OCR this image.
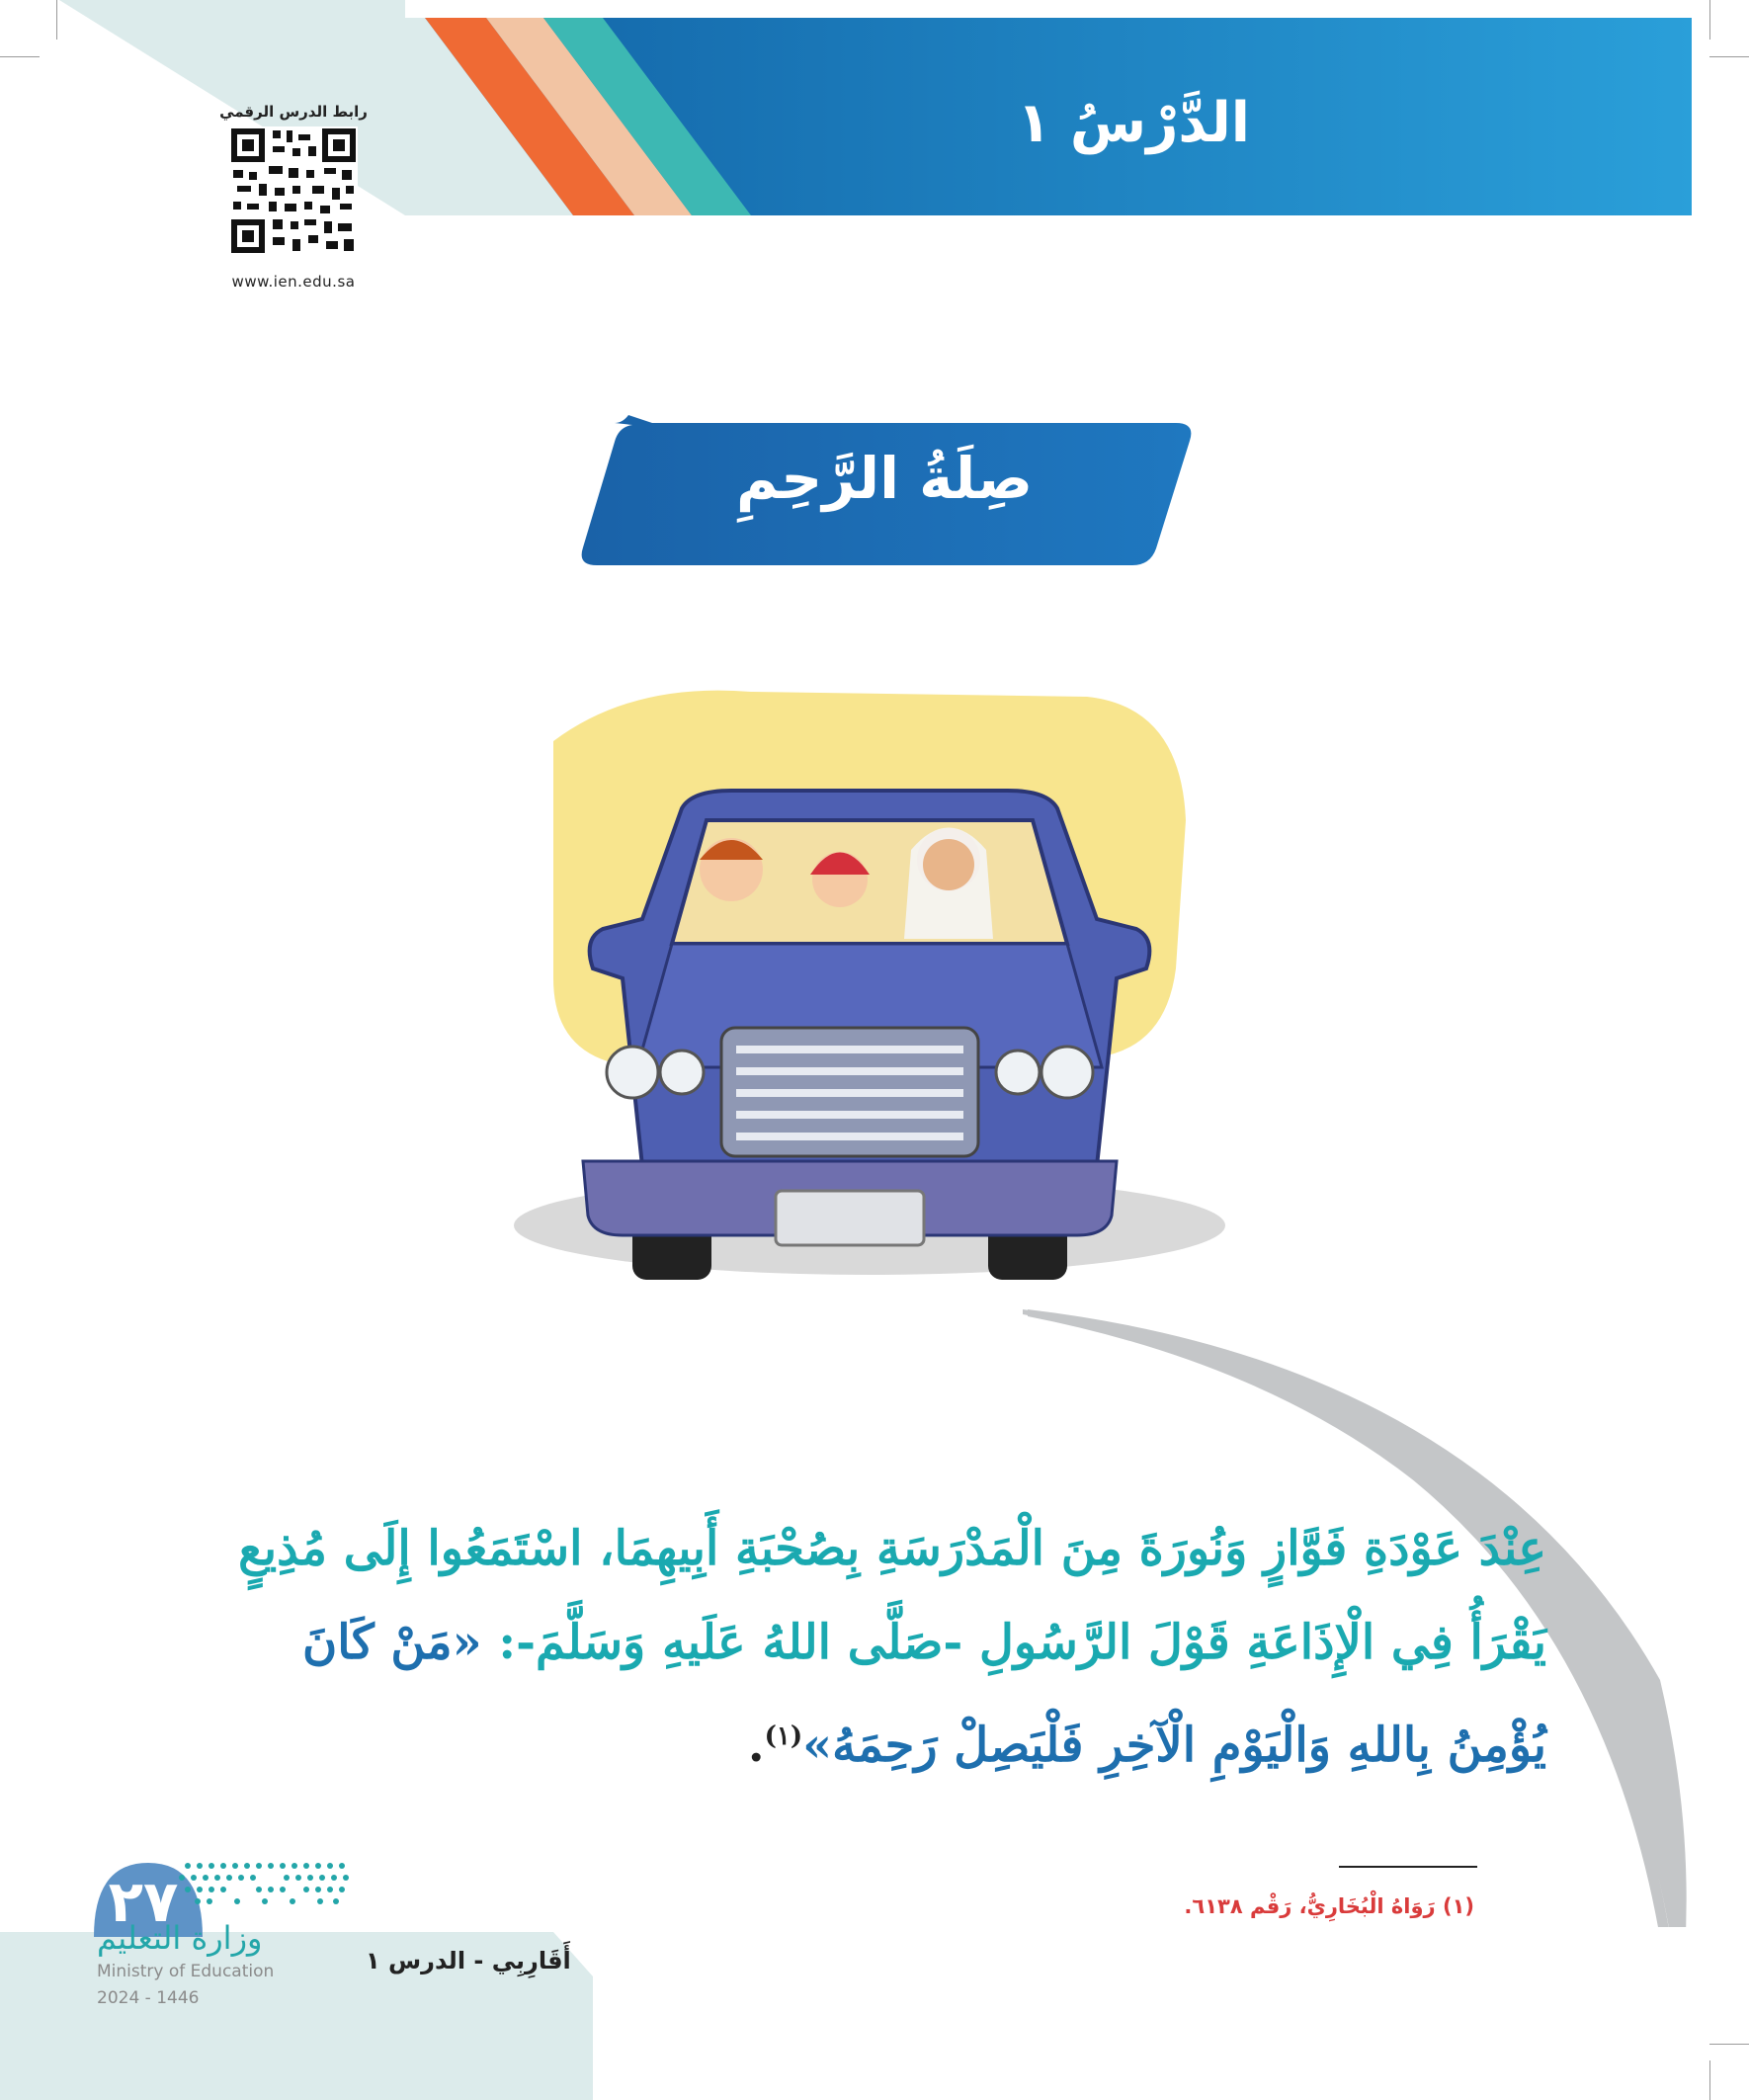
الدَّرْسُ ١
رابط الدرس الرقمي
www.ien.edu.sa
صِلَةُ الرَّحِمِ
عِنْدَ عَوْدَةِ فَوَّازٍ وَنُورَةَ مِنَ الْمَدْرَسَةِ بِصُحْبَةِ أَبِيهِمَا، اسْتَمَعُوا إِلَى مُذِيعٍ يَقْرَأُ فِي الْإِذَاعَةِ قَوْلَ الرَّسُولِ -صَلَّى اللهُ عَلَيهِ وَسَلَّمَ-: «مَنْ كَانَ يُؤْمِنُ بِاللهِ وَالْيَوْمِ الْآخِرِ فَلْيَصِلْ رَحِمَهُ»$^{(١)}$.
(١) رَوَاهُ الْبُخَارِيُّ، رَقْم ٦١٣٨.
أَقَارِبِي - الدرس ١
٢٧
وزارة التعليم
Ministry of Education
2024 - 1446
